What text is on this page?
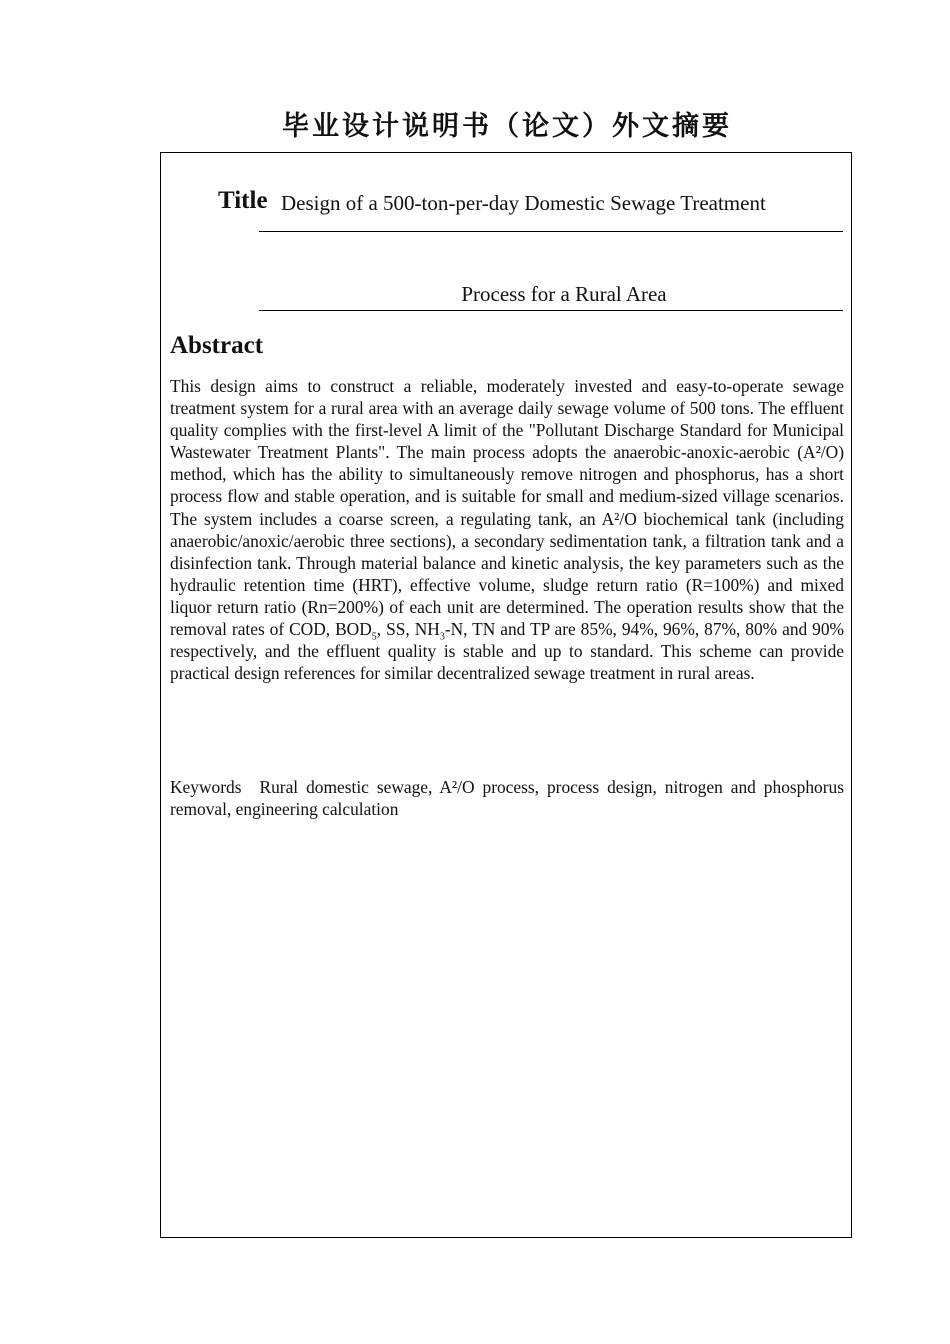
毕业设计说明书（论文）外文摘要
Title Design of a 500-ton-per-day Domestic Sewage Treatment
Process for a Rural Area
Abstract

This design aims to construct a reliable, moderately invested and easy-to-operate sewage treatment system for a rural area with an average daily sewage volume of 500 tons. The effluent quality complies with the first-level A limit of the "Pollutant Discharge Standard for Municipal Wastewater Treatment Plants". The main process adopts the anaerobic-anoxic-aerobic (A²/O) method, which has the ability to simultaneously remove nitrogen and phosphorus, has a short process flow and stable operation, and is suitable for small and medium-sized village scenarios. The system includes a coarse screen, a regulating tank, an A²/O biochemical tank (including anaerobic/anoxic/aerobic three sections), a secondary sedimentation tank, a filtration tank and a disinfection tank. Through material balance and kinetic analysis, the key parameters such as the hydraulic retention time (HRT), effective volume, sludge return ratio (R=100%) and mixed liquor return ratio (Rn=200%) of each unit are determined. The operation results show that the removal rates of COD, $BOD_5$, SS, $NH_3-N$, TN and TP are 85%, 94%, 96%, 87%, 80% and 90% respectively, and the effluent quality is stable and up to standard. This scheme can provide practical design references for similar decentralized sewage treatment in rural areas.

Keywords Rural domestic sewage, A²/O process, process design, nitrogen and phosphorus removal, engineering calculation
